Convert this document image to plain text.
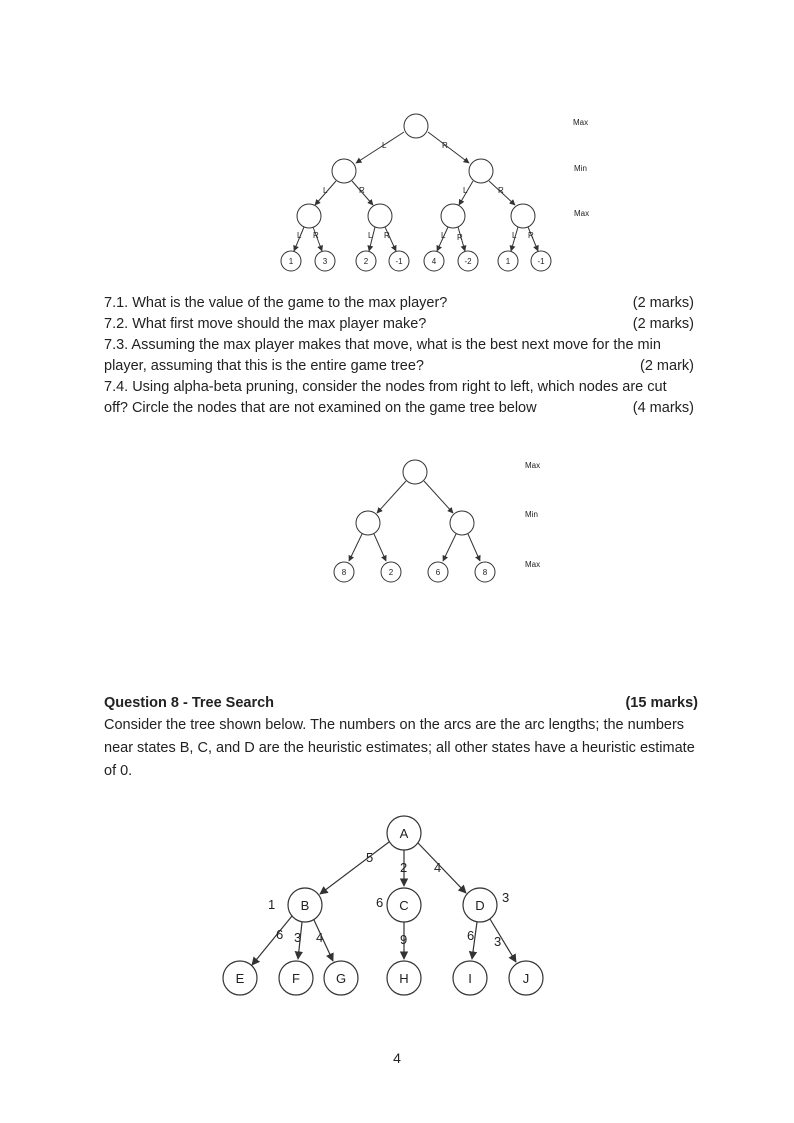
L	R
L	R	L	R
L R	L R	L R	L R
1	3	2	-1	4	-2	1	-1
Max
Min
Max
7.1. What is the value of the game to the max player?	(2 marks)
7.2. What first move should the max player make?	(2 marks)
7.3. Assuming the max player makes that move, what is the best next move for the min
player, assuming that this is the entire game tree?	(2 mark)
7.4. Using alpha-beta pruning, consider the nodes from right to left, which nodes are cut
off? Circle the nodes that are not examined on the game tree below	(4 marks)
8	2	6	8
Max
Min
Max
Question 8 - Tree Search	(15 marks)
Consider the tree shown below. The numbers on the arcs are the arc lengths; the numbers
near states B, C, and D are the heuristic estimates; all other states have a heuristic estimate
of 0.
A
B	C	D
E	F	G	H	I	J
5
2 4
1	6	3
6 3 4	9	6 3
4
